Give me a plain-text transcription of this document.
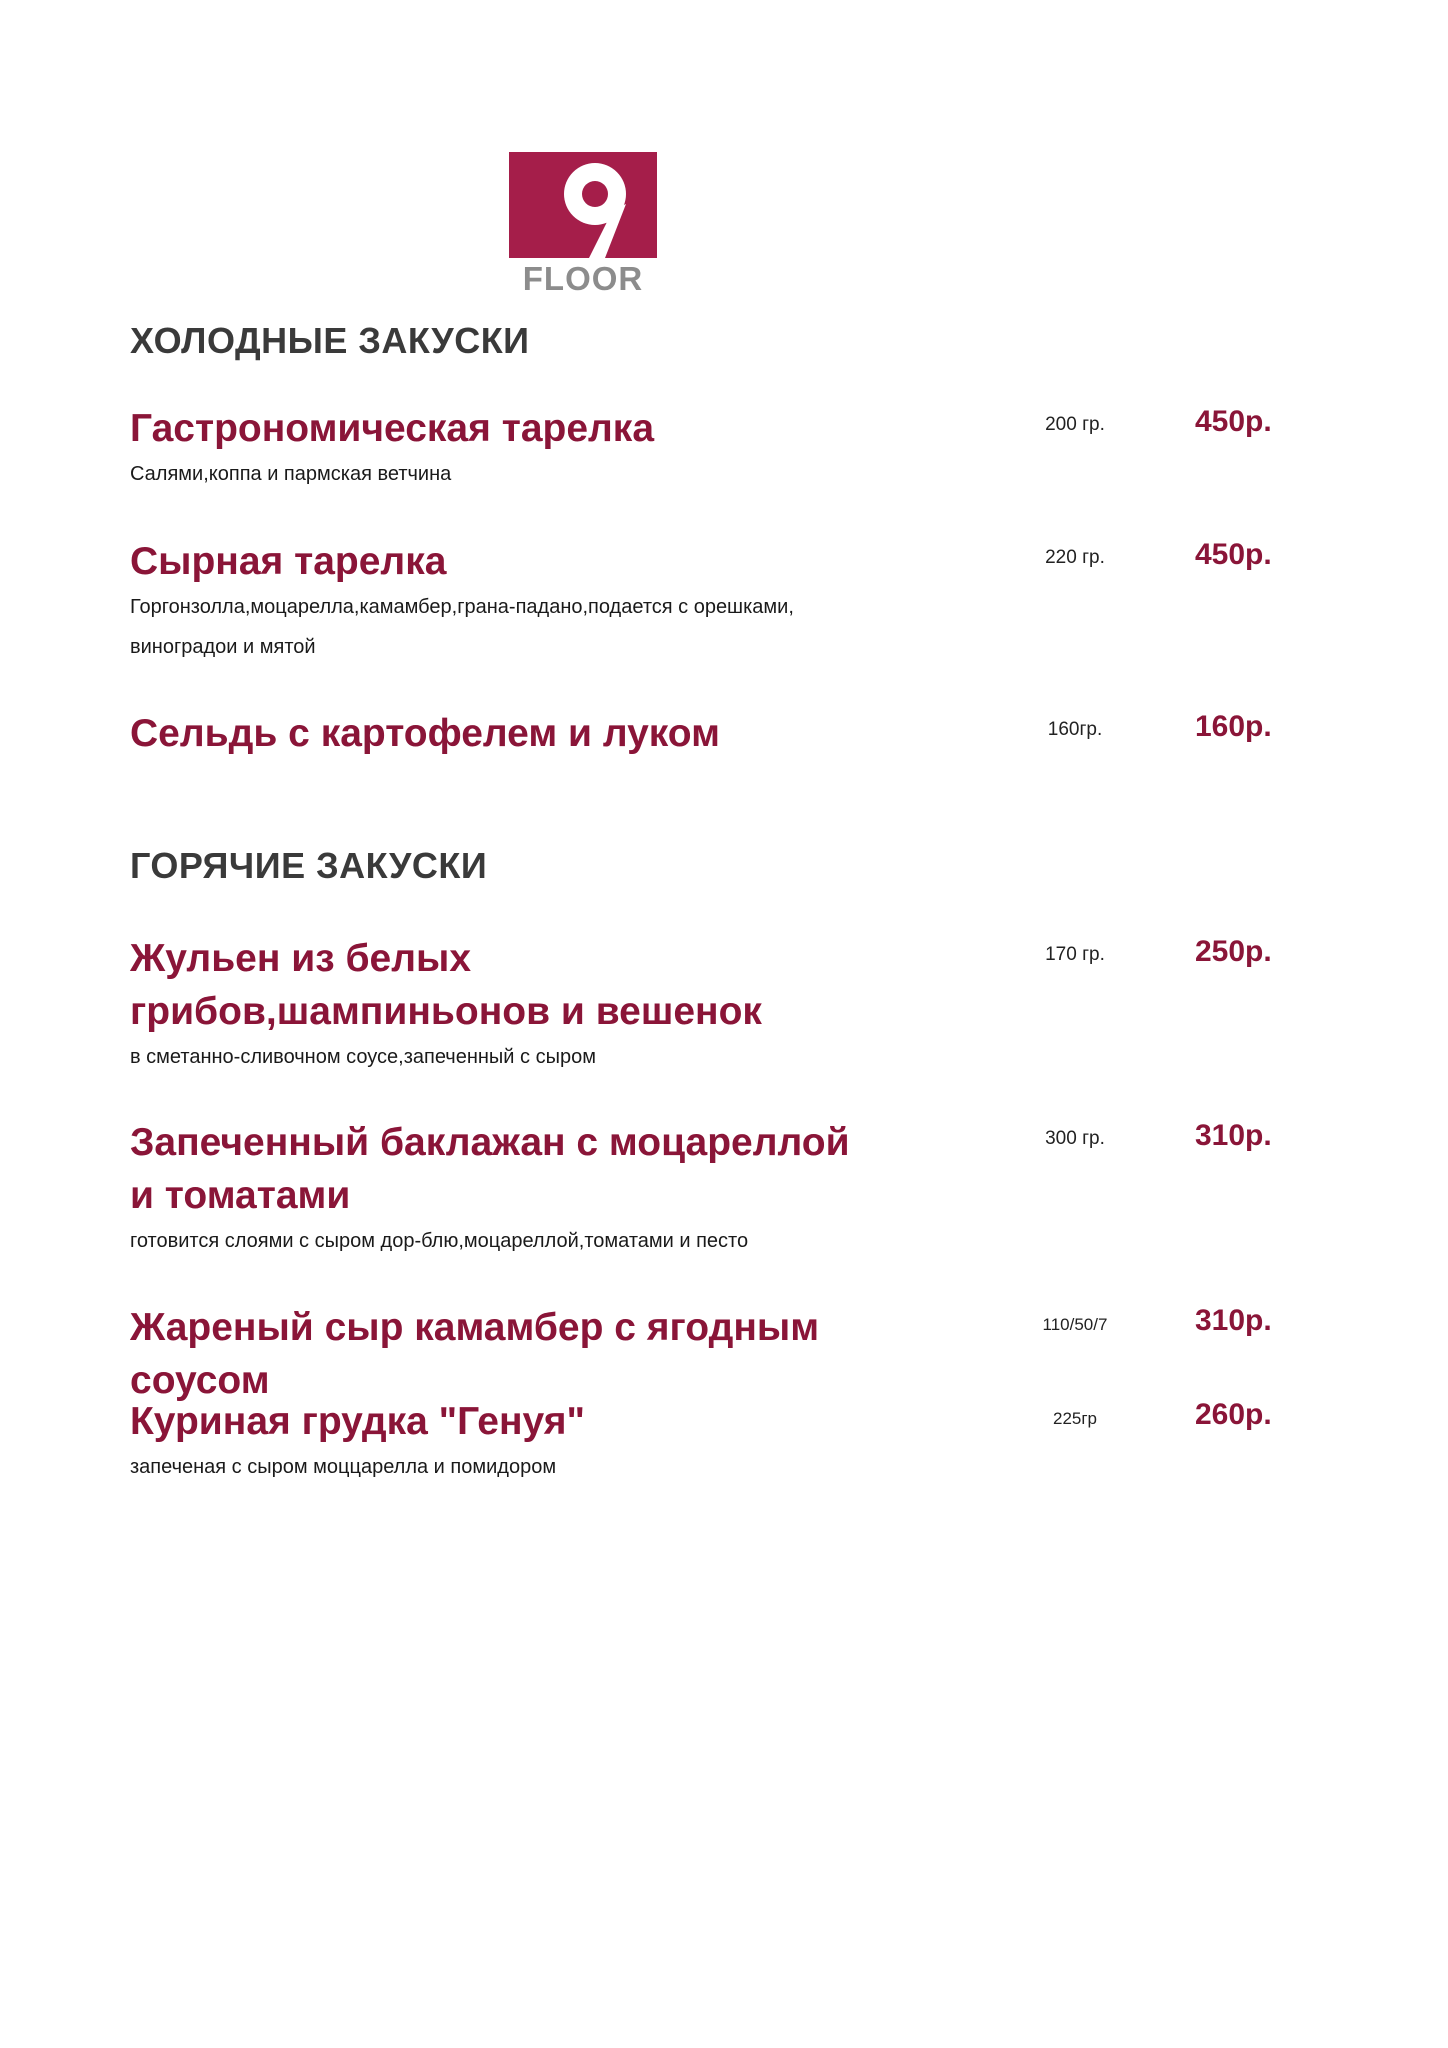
FLOOR
ХОЛОДНЫЕ ЗАКУСКИ
Гастрономическая тарелка	200 гр.	450р.

Салями,коппа и пармская ветчина

Сырная тарелка	220 гр.	450р.

Горгонзолла,моцарелла,камамбер,грана-падано,подается с орешками, виноградои и мятой

Сельдь с картофелем и луком	160гр.	160р.
ГОРЯЧИЕ ЗАКУСКИ
Жульен из белых грибов,шампиньонов и вешенок
170 гр.	250р.

в сметанно-сливочном соусе,запеченный с сыром

Запеченный баклажан с моцареллой и томатами
300 гр.	310р.

готовится слоями с сыром дор-блю,моцареллой,томатами и песто

Жареный сыр камамбер с ягодным соусом
110/50/7	310р.
Куриная грудка "Генуя"	225гр	260р.

запеченая с сыром моццарелла и помидором
